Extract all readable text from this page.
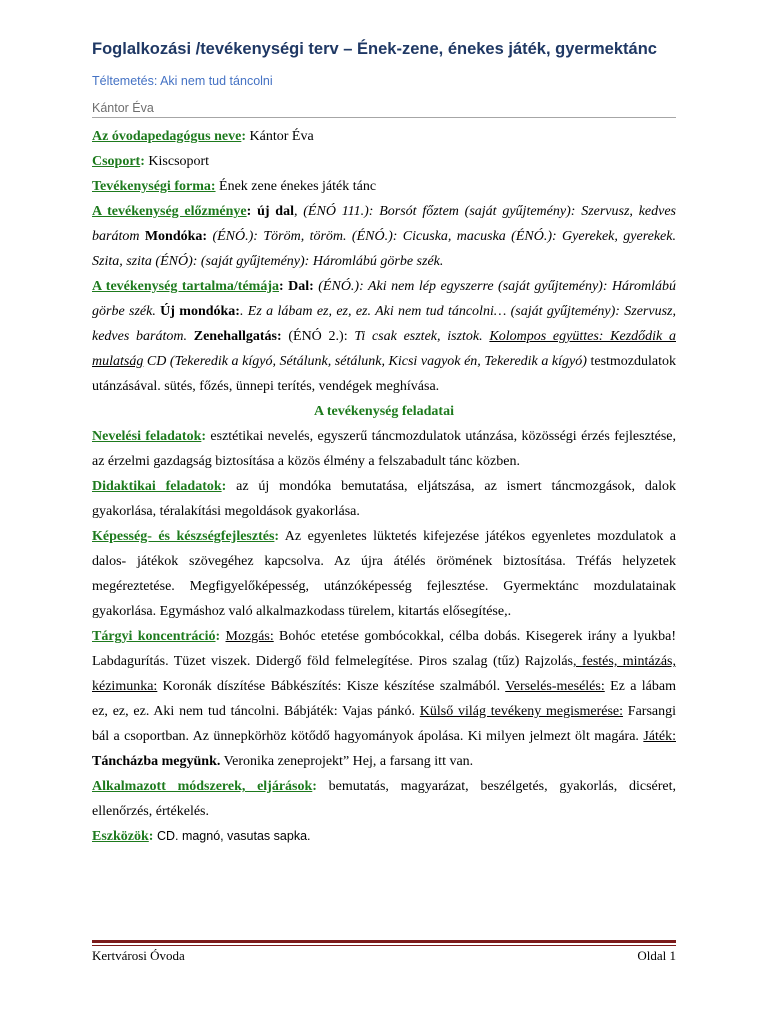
Foglalkozási /tevékenységi terv – Ének-zene, énekes játék, gyermektánc
Téltemetés: Aki nem tud táncolni
Kántor Éva

Az óvodapedagógus neve: Kántor Éva

Csoport: Kiscsoport

Tevékenységi forma: Ének zene énekes játék tánc

A tevékenység előzménye: új dal, (ÉNÓ 111.): Borsót főztem (saját gyűjtemény): Szervusz, kedves barátom Mondóka: (ÉNÓ.): Töröm, töröm. (ÉNÓ.): Cicuska, macuska (ÉNÓ.): Gyerekek, gyerekek. Szita, szita (ÉNÓ): (saját gyűjtemény): Háromlábú görbe szék.

A tevékenység tartalma/témája: Dal: (ÉNÓ.): Aki nem lép egyszerre (saját gyűjtemény): Háromlábú görbe szék. Új mondóka:. Ez a lábam ez, ez, ez. Aki nem tud táncolni… (saját gyűjtemény): Szervusz, kedves barátom. Zenehallgatás: (ÉNÓ 2.): Ti csak esztek, isztok. Kolompos együttes: Kezdődik a mulatság CD (Tekeredik a kígyó, Sétálunk, sétálunk, Kicsi vagyok én, Tekeredik a kígyó) testmozdulatok utánzásával. sütés, főzés, ünnepi terítés, vendégek meghívása.

A tevékenység feladatai

Nevelési feladatok: esztétikai nevelés, egyszerű táncmozdulatok utánzása, közösségi érzés fejlesztése, az érzelmi gazdagság biztosítása a közös élmény a felszabadult tánc közben.

Didaktikai feladatok: az új mondóka bemutatása, eljátszása, az ismert táncmozgások, dalok gyakorlása, téralakítási megoldások gyakorlása.

Képesség- és készségfejlesztés: Az egyenletes lüktetés kifejezése játékos egyenletes mozdulatok a dalos- játékok szövegéhez kapcsolva. Az újra átélés örömének biztosítása. Tréfás helyzetek megéreztetése. Megfigyelőképesség, utánzóképesség fejlesztése. Gyermektánc mozdulatainak gyakorlása. Egymáshoz való alkalmazkodass türelem, kitartás elősegítése,.

Tárgyi koncentráció: Mozgás: Bohóc etetése gombócokkal, célba dobás. Kisegerek irány a lyukba! Labdagurítás. Tüzet viszek. Didergő föld felmelegítése. Piros szalag (tűz) Rajzolás, festés, mintázás, kézimunka: Koronák díszítése Bábkészítés: Kisze készítése szalmából. Verselés-mesélés: Ez a lábam ez, ez, ez. Aki nem tud táncolni. Bábjáték: Vajas pánkó. Külső világ tevékeny megismerése: Farsangi bál a csoportban. Az ünnepkörhöz kötődő hagyományok ápolása. Ki milyen jelmezt ölt magára. Játék: Táncházba megyünk. Veronika zeneprojekt” Hej, a farsang itt van.

Alkalmazott módszerek, eljárások: bemutatás, magyarázat, beszélgetés, gyakorlás, dicséret, ellenőrzés, értékelés.

Eszközök: CD. magnó, vasutas sapka.

Kertvárosi Óvoda	Oldal 1
